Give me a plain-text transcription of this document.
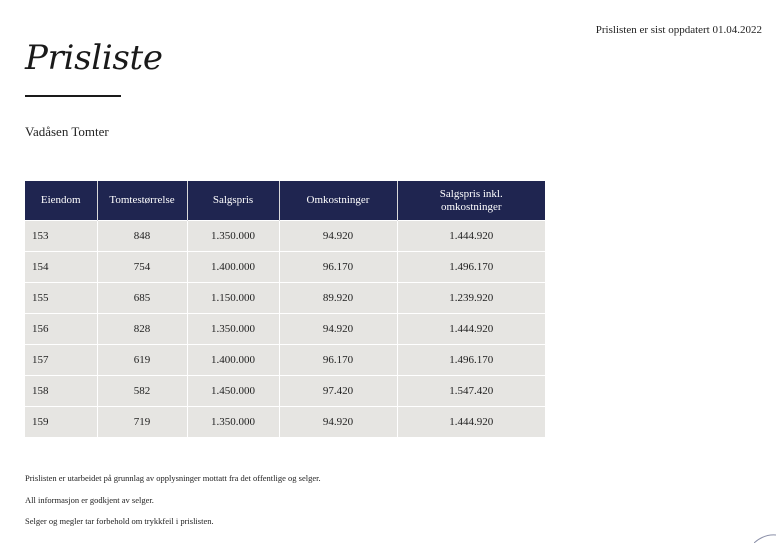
Prislisten er sist oppdatert 01.04.2022
Prisliste
Vadåsen Tomter
Eiendom	Tomtestørrelse	Salgspris	Omkostninger	Salgspris inkl. omkostninger
153	848	1.350.000	94.920	1.444.920
154	754	1.400.000	96.170	1.496.170
155	685	1.150.000	89.920	1.239.920
156	828	1.350.000	94.920	1.444.920
157	619	1.400.000	96.170	1.496.170
158	582	1.450.000	97.420	1.547.420
159	719	1.350.000	94.920	1.444.920

Prislisten er utarbeidet på grunnlag av opplysninger mottatt fra det offentlige og selger.

All informasjon er godkjent av selger.

Selger og megler tar forbehold om trykkfeil i prislisten.
